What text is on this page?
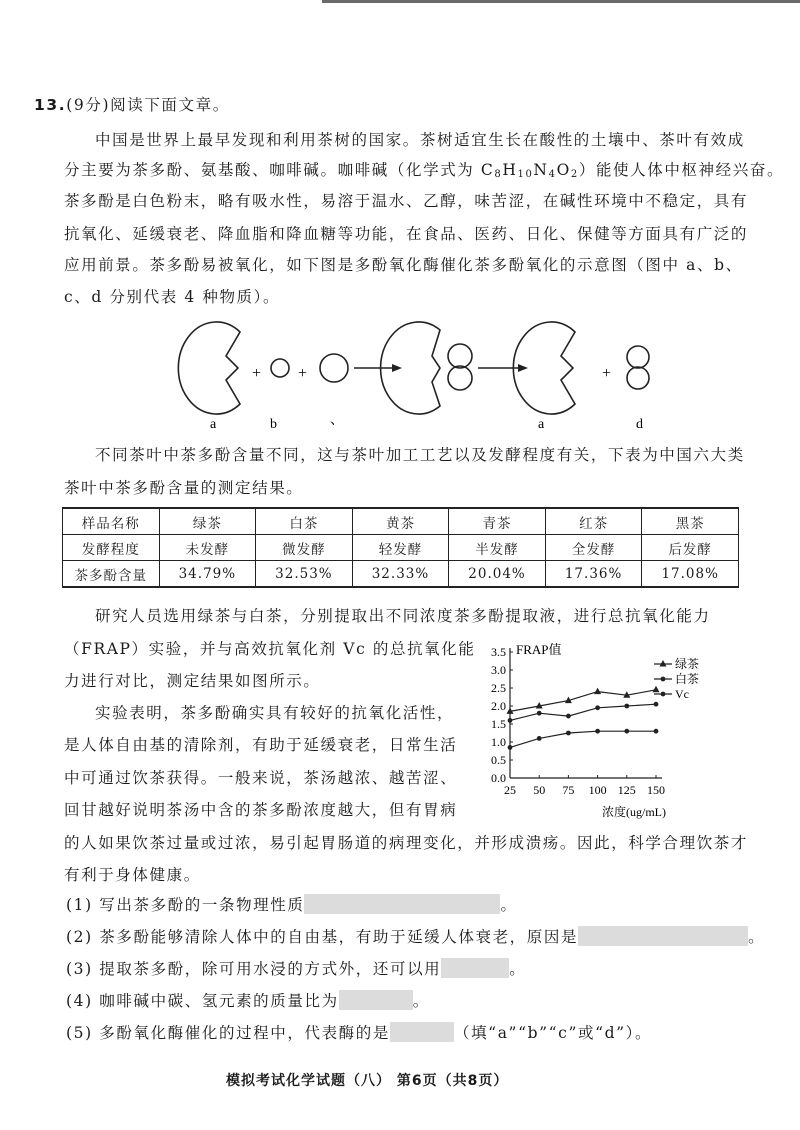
13.(9分)阅读下面文章。
中国是世界上最早发现和利用茶树的国家。茶树适宜生长在酸性的土壤中、茶叶有效成
分主要为茶多酚、氨基酸、咖啡碱。咖啡碱（化学式为 $C_8H_{10}N_4O_2$）能使人体中枢神经兴奋。
茶多酚是白色粉末，略有吸水性，易溶于温水、乙醇，味苦涩，在碱性环境中不稳定，具有
抗氧化、延缓衰老、降血脂和降血糖等功能，在食品、医药、日化、保健等方面具有广泛的
应用前景。茶多酚易被氧化，如下图是多酚氧化酶催化茶多酚氧化的示意图（图中 a、b、
c、d 分别代表 4 种物质）。
+ +	+
a	b	、	a	d
不同茶叶中茶多酚含量不同，这与茶叶加工工艺以及发酵程度有关，下表为中国六大类
茶叶中茶多酚含量的测定结果。
样品名称	绿茶	白茶	黄茶	青茶	红茶	黑茶
发酵程度	未发酵	微发酵	轻发酵	半发酵	全发酵	后发酵
茶多酚含量	34.79%	32.53%	32.33%	20.04%	17.36%	17.08%
研究人员选用绿茶与白茶，分别提取出不同浓度茶多酚提取液，进行总抗氧化能力
（FRAP）实验，并与高效抗氧化剂 Vc 的总抗氧化能
力进行对比，测定结果如图所示。
实验表明，茶多酚确实具有较好的抗氧化活性，
是人体自由基的清除剂，有助于延缓衰老，日常生活
中可通过饮茶获得。一般来说，茶汤越浓、越苦涩、
回甘越好说明茶汤中含的茶多酚浓度越大，但有胃病
的人如果饮茶过量或过浓，易引起胃肠道的病理变化，并形成溃疡。因此，科学合理饮茶才
有利于身体健康。
0.0
0.5
1.0
1.5
2.0
2.5
3.0
3.5
25 50 75 100 125 150
绿茶
白茶
Vc
FRAP值
浓度(ug/mL)
(1) 写出茶多酚的一条物理性质	。
(2) 茶多酚能够清除人体中的自由基，有助于延缓人体衰老，原因是	。
(3) 提取茶多酚，除可用水浸的方式外，还可以用	。
(4) 咖啡碱中碳、氢元素的质量比为	。
(5) 多酚氧化酶催化的过程中，代表酶的是	（填“a”“b”“c”或“d”）。
模拟考试化学试题（八） 第6页（共8页）
